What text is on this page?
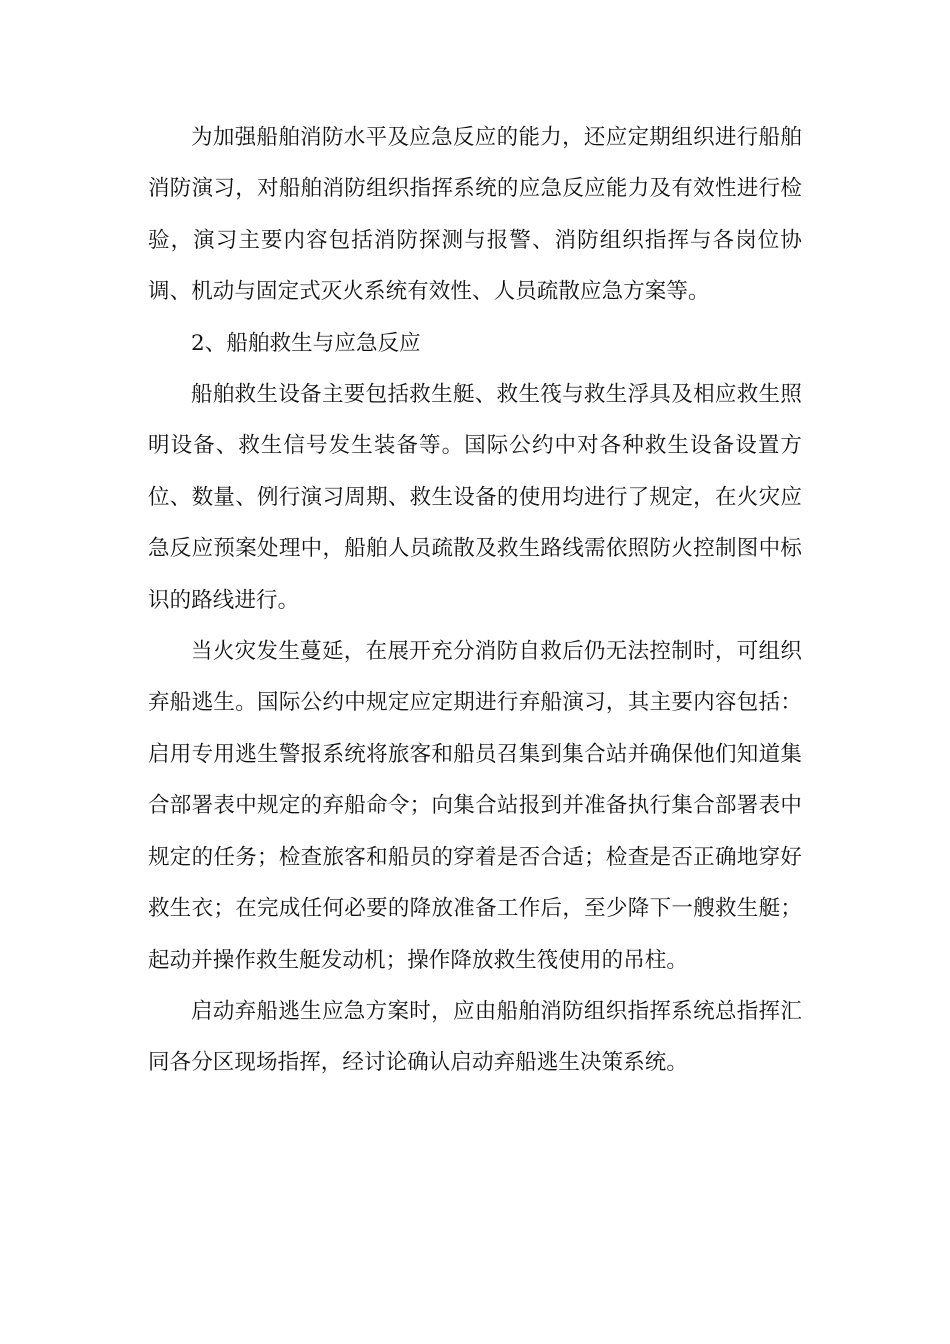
为加强船舶消防水平及应急反应的能力，还应定期组织进行船舶消防演习，对船舶消防组织指挥系统的应急反应能力及有效性进行检验，演习主要内容包括消防探测与报警、消防组织指挥与各岗位协调、机动与固定式灭火系统有效性、人员疏散应急方案等。

2、船舶救生与应急反应

船舶救生设备主要包括救生艇、救生筏与救生浮具及相应救生照明设备、救生信号发生装备等。国际公约中对各种救生设备设置方位、数量、例行演习周期、救生设备的使用均进行了规定，在火灾应急反应预案处理中，船舶人员疏散及救生路线需依照防火控制图中标识的路线进行。

当火灾发生蔓延，在展开充分消防自救后仍无法控制时，可组织弃船逃生。国际公约中规定应定期进行弃船演习，其主要内容包括：启用专用逃生警报系统将旅客和船员召集到集合站并确保他们知道集合部署表中规定的弃船命令；向集合站报到并准备执行集合部署表中规定的任务；检查旅客和船员的穿着是否合适；检查是否正确地穿好救生衣；在完成任何必要的降放准备工作后，至少降下一艘救生艇；起动并操作救生艇发动机；操作降放救生筏使用的吊柱。

启动弃船逃生应急方案时，应由船舶消防组织指挥系统总指挥汇同各分区现场指挥，经讨论确认启动弃船逃生决策系统。
